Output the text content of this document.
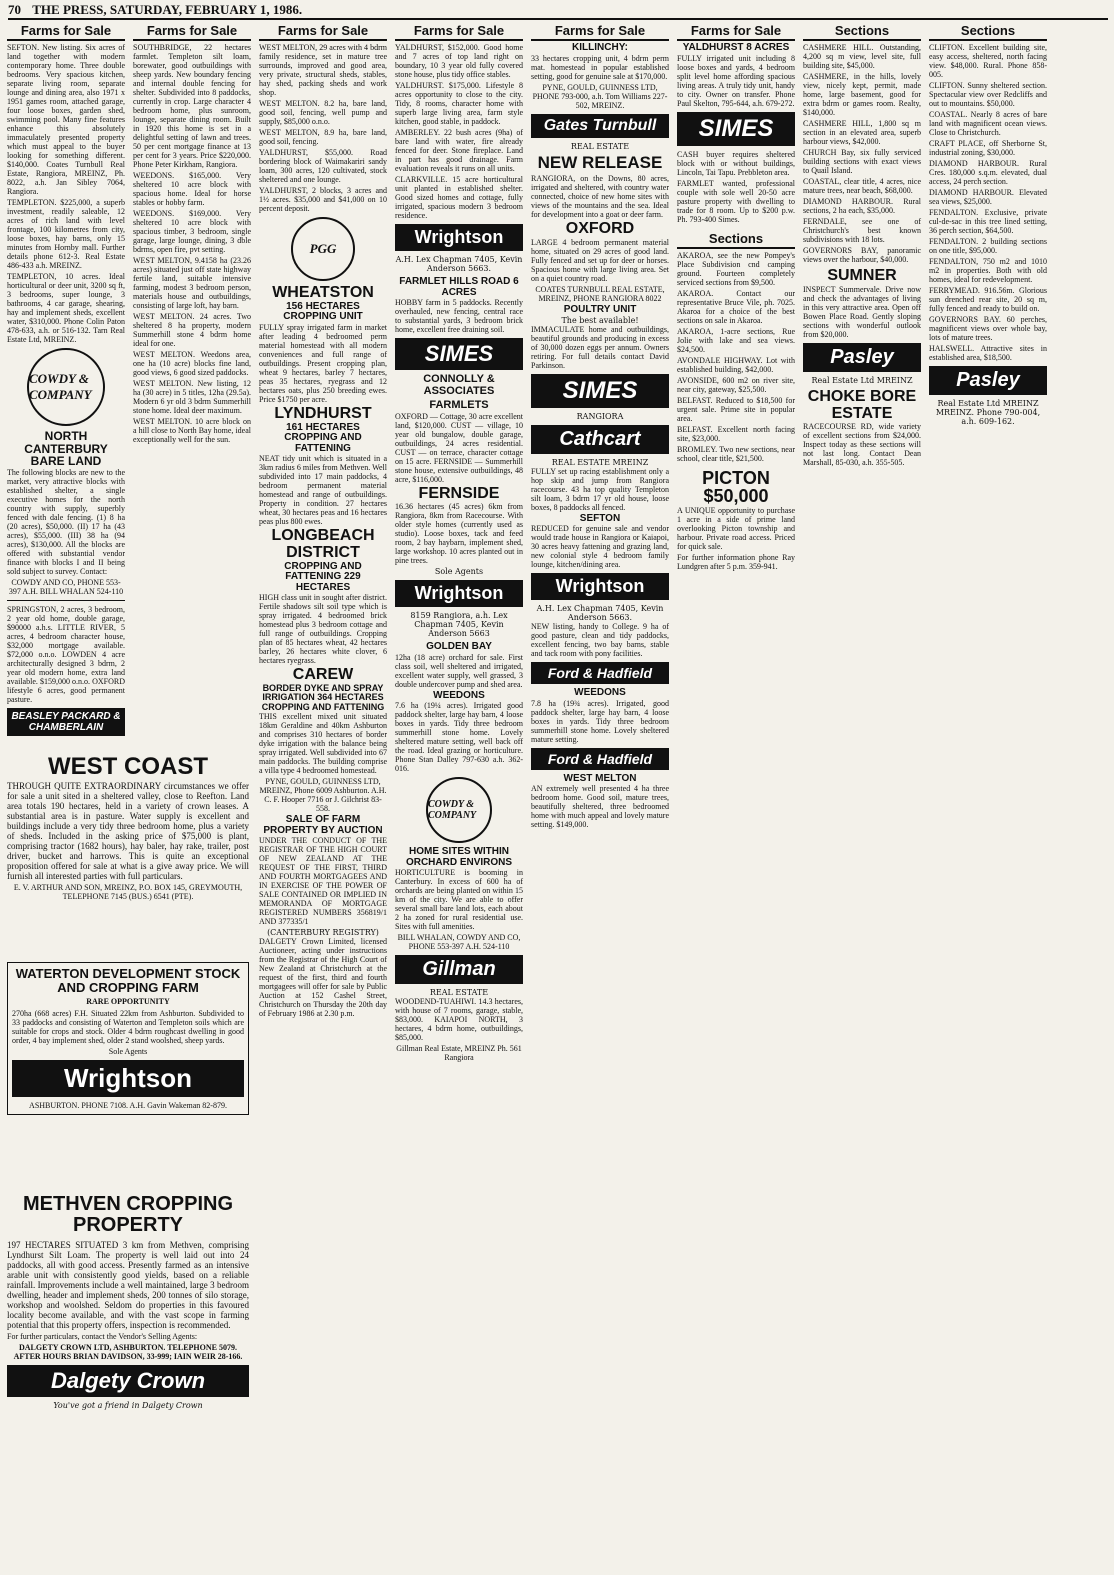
70 THE PRESS, SATURDAY, FEBRUARY 1, 1986.
Farms for Sale

SEFTON. New listing. Six acres of land together with modern contemporary home. Three double bedrooms. Very spacious kitchen, separate living room, separate lounge and dining area, also 1971 x 1951 games room, attached garage, four loose boxes, garden shed, swimming pool. Many fine features enhance this absolutely immaculately presented property which must appeal to the buyer looking for something different. $140,000. Coates Turnbull Real Estate, Rangiora, MREINZ, Ph. 8022, a.h. Jan Sibley 7064, Rangiora.

TEMPLETON. $225,000, a superb investment, readily saleable, 12 acres of rich land with level frontage, 100 kilometres from city, loose boxes, hay barns, only 15 minutes from Hornby mall. Further details phone 612-3. Real Estate 486-433 a.h. MREINZ.

TEMPLETON, 10 acres. Ideal horticultural or deer unit, 3200 sq ft, 3 bedrooms, super lounge, 3 bathrooms, 4 car garage, shearing, hay and implement sheds, excellent water, $310,000. Phone Colin Paton 478-633, a.h. or 516-132. Tarn Real Estate Ltd, MREINZ.

COWDY & COMPANY
NORTH CANTERBURY BARE LAND

The following blocks are new to the market, very attractive blocks with established shelter, a single executive homes for the north country with supply, superbly fenced with dale fencing. (1) 8 ha (20 acres), $50,000. (II) 17 ha (43 acres), $55,000. (III) 38 ha (94 acres), $130,000. All the blocks are offered with substantial vendor finance with blocks I and II being sold subject to survey. Contact:

COWDY AND CO, PHONE 553-397 A.H. BILL WHALAN 524-110

SPRINGSTON, 2 acres, 3 bedroom, 2 year old home, double garage, $90000 a.h.s. LITTLE RIVER, 5 acres, 4 bedroom character house, $32,000 mortgage available. $72,000 o.n.o. LOWDEN 4 acre architecturally designed 3 bdrm, 2 year old modern home, extra land available. $159,000 o.n.o. OXFORD lifestyle 6 acres, good permanent pasture.

BEASLEY PACKARD & CHAMBERLAIN
WEST COAST

THROUGH QUITE EXTRAORDINARY circumstances we offer for sale a unit sited in a sheltered valley, close to Reefton. Land area totals 190 hectares, held in a variety of crown leases. A substantial area is in pasture. Water supply is excellent and buildings include a very tidy three bedroom home, plus a variety of sheds. Included in the asking price of $75,000 is plant, comprising tractor (1682 hours), hay baler, hay rake, trailer, post driver, bucket and harrows. This is quite an exceptional proposition offered for sale at what is a give away price. We will furnish all interested parties with full particulars.

E. V. ARTHUR AND SON, MREINZ, P.O. BOX 145, GREYMOUTH, TELEPHONE 7145 (BUS.) 6541 (PTE).

WATERTON DEVELOPMENT STOCK AND CROPPING FARM
RARE OPPORTUNITY

270ha (668 acres) F.H. Situated 22km from Ashburton. Subdivided to 33 paddocks and consisting of Waterton and Templeton soils which are suitable for crops and stock. Older 4 bdrm roughcast dwelling in good order, 4 bay implement shed, older 2 stand woolshed, sheep yards.

Sole Agents
Wrightson
ASHBURTON. PHONE 7108. A.H. Gavin Wakeman 82-879.
METHVEN CROPPING PROPERTY

197 HECTARES SITUATED 3 km from Methven, comprising Lyndhurst Silt Loam. The property is well laid out into 24 paddocks, all with good access. Presently farmed as an intensive arable unit with consistently good yields, based on a reliable rainfall. Improvements include a well maintained, large 3 bedroom dwelling, header and implement sheds, 200 tonnes of silo storage, workshop and woolshed. Seldom do properties in this favoured locality become available, and with the vast scope in farming potential that this property offers, inspection is recommended.

For further particulars, contact the Vendor's Selling Agents:

DALGETY CROWN LTD, ASHBURTON. TELEPHONE 5079. AFTER HOURS BRIAN DAVIDSON, 33-999; IAIN WEIR 28-166.

Dalgety Crown
You've got a friend in Dalgety Crown
Farms for Sale

SOUTHBRIDGE, 22 hectares farmlet. Templeton silt loam, borewater, good outbuildings with sheep yards. New boundary fencing and internal double fencing for shelter. Subdivided into 8 paddocks, currently in crop. Large character 4 bedroom home, plus sunroom, lounge, separate dining room. Built in 1920 this home is set in a delightful setting of lawn and trees. 50 per cent mortgage finance at 13 per cent for 3 years. Price $220,000. Phone Peter Kirkham, Rangiora.

WEEDONS. $165,000. Very sheltered 10 acre block with spacious home. Ideal for horse stables or hobby farm.

WEEDONS. $169,000. Very sheltered 10 acre block with spacious timber, 3 bedroom, single garage, large lounge, dining, 3 dble bdrms, open fire, pvt setting.

WEST MELTON, 9.4158 ha (23.26 acres) situated just off state highway fertile land, suitable intensive farming, modest 3 bedroom person, materials house and outbuildings, consisting of large loft, hay barn.

WEST MELTON. 24 acres. Two sheltered 8 ha property, modern Summerhill stone 4 bdrm home ideal for one.

WEST MELTON. Weedons area, one ha (10 acre) blocks fine land, good views, 6 good sized paddocks.

WEST MELTON. New listing, 12 ha (30 acre) in 5 titles, 12ha (29.5a). Modern 6 yr old 3 bdrm Summerhill stone home. Ideal deer maximum.

WEST MELTON. 10 acre block on a hill close to North Bay home, ideal exceptionally well for the sun.

Farms for Sale

WEST MELTON, 29 acres with 4 bdrm family residence, set in mature tree surrounds, improved and good area, very private, structural sheds, stables, hay shed, packing sheds and work shop.

WEST MELTON. 8.2 ha, bare land, good soil, fencing, well pump and supply, $85,000 o.n.o.

WEST MELTON, 8.9 ha, bare land, good soil, fencing.

YALDHURST, $55,000. Road bordering block of Waimakariri sandy loam, 300 acres, 120 cultivated, stock sheltered and one lounge.

YALDHURST, 2 blocks, 3 acres and 1½ acres. $35,000 and $41,000 on 10 percent deposit.

PGG
WHEATSTON
156 HECTARES CROPPING UNIT

FULLY spray irrigated farm in market after leading 4 bedroomed perm material homestead with all modern conveniences and full range of outbuildings. Present cropping plan, wheat 9 hectares, barley 7 hectares, peas 35 hectares, ryegrass and 12 hectares oats, plus 250 breeding ewes. Price $1750 per acre.

LYNDHURST
161 HECTARES CROPPING AND FATTENING

NEAT tidy unit which is situated in a 3km radius 6 miles from Methven. Well subdivided into 17 main paddocks, 4 bedroom permanent material homestead and range of outbuildings. Property in condition. 27 hectares wheat, 30 hectares peas and 16 hectares peas plus 800 ewes.

LONGBEACH DISTRICT
CROPPING AND FATTENING 229 HECTARES

HIGH class unit in sought after district. Fertile shadows silt soil type which is spray irrigated. 4 bedroomed brick homestead plus 3 bedroom cottage and full range of outbuildings. Cropping plan of 85 hectares wheat, 42 hectares barley, 26 hectares white clover, 6 hectares ryegrass.

CAREW
BORDER DYKE AND SPRAY IRRIGATION 364 HECTARES CROPPING AND FATTENING

THIS excellent mixed unit situated 18km Geraldine and 40km Ashburton and comprises 310 hectares of border dyke irrigation with the balance being spray irrigated. Well subdivided into 67 main paddocks. The building comprise a villa type 4 bedroomed homestead.

PYNE, GOULD, GUINNESS LTD, MREINZ, Phone 6009 Ashburton. A.H. C. F. Hooper 7716 or J. Gilchrist 83-558.

SALE OF FARM PROPERTY BY AUCTION

UNDER THE CONDUCT OF THE REGISTRAR OF THE HIGH COURT OF NEW ZEALAND AT THE REQUEST OF THE FIRST, THIRD AND FOURTH MORTGAGEES AND IN EXERCISE OF THE POWER OF SALE CONTAINED OR IMPLIED IN MEMORANDA OF MORTGAGE REGISTERED NUMBERS 356819/1 AND 377335/1

(CANTERBURY REGISTRY)

DALGETY Crown Limited, licensed Auctioneer, acting under instructions from the Registrar of the High Court of New Zealand at Christchurch at the request of the first, third and fourth mortgagees will offer for sale by Public Auction at 152 Cashel Street, Christchurch on Thursday the 20th day of February 1986 at 2.30 p.m.

Farms for Sale

YALDHURST, $152,000. Good home and 7 acres of top land right on boundary, 10 3 year old fully covered stone house, plus tidy office stables.

YALDHURST. $175,000. Lifestyle 8 acres opportunity to close to the city. Tidy, 8 rooms, character home with superb large living area, farm style kitchen, good stable, in paddock.

AMBERLEY. 22 bush acres (9ha) of bare land with water, fire already fenced for deer. Stone fireplace. Land in part has good drainage. Farm evaluation reveals it runs on all units.

CLARKVILLE. 15 acre horticultural unit planted in established shelter. Good sized homes and cottage, fully irrigated, spacious modern 3 bedroom residence.

Wrightson
A.H. Lex Chapman 7405, Kevin Anderson 5663.
FARMLET HILLS ROAD 6 ACRES

HOBBY farm in 5 paddocks. Recently overhauled, new fencing, central race to substantial yards, 3 bedroom brick home, excellent free draining soil.

SIMES
CONNOLLY & ASSOCIATES
FARMLETS

OXFORD — Cottage, 30 acre excellent land, $120,000. CUST — village, 10 year old bungalow, double garage, outbuildings, 24 acres residential. CUST — on terrace, character cottage on 15 acre. FERNSIDE — Summerhill stone house, extensive outbuildings, 48 acre, $116,000.

FERNSIDE

16.36 hectares (45 acres) 6km from Rangiora, 8km from Racecourse. With older style homes (currently used as studio). Loose boxes, tack and feed room, 2 bay haybarn, implement shed, large workshop. 10 acres planted out in pine trees.

Sole Agents
Wrightson
8159 Rangiora, a.h. Lex Chapman 7405, Kevin Anderson 5663
GOLDEN BAY

12ha (18 acre) orchard for sale. First class soil, well sheltered and irrigated, excellent water supply, well grassed, 3 double undercover pump and shed area.

WEEDONS

7.6 ha (19¼ acres). Irrigated good paddock shelter, large hay barn, 4 loose boxes in yards. Tidy three bedroom summerhill stone home. Lovely sheltered mature setting, well back off the road. Ideal grazing or horticulture. Phone Stan Dalley 797-630 a.h. 362-016.

COWDY & COMPANY
HOME SITES WITHIN ORCHARD ENVIRONS

HORTICULTURE is booming in Canterbury. In excess of 600 ha of orchards are being planted on within 15 km of the city. We are able to offer several small bare land lots, each about 2 ha zoned for rural residential use. Sites with full amenities.

BILL WHALAN, COWDY AND CO, PHONE 553-397 A.H. 524-110

Gillman
REAL ESTATE

WOODEND-TUAHIWI. 14.3 hectares, with house of 7 rooms, garage, stable, $83,000. KAIAPOI NORTH, 3 hectares, 4 bdrm home, outbuildings, $85,000.

Gillman Real Estate, MREINZ Ph. 561 Rangiora

Farms for Sale
KILLINCHY:

33 hectares cropping unit, 4 bdrm perm mat. homestead in popular established setting, good for genuine sale at $170,000.

PYNE, GOULD, GUINNESS LTD, PHONE 793-000, a.h. Tom Williams 227-502, MREINZ.

Gates Turnbull
REAL ESTATE
NEW RELEASE

RANGIORA, on the Downs, 80 acres, irrigated and sheltered, with country water connected, choice of new home sites with views of the mountains and the sea. Ideal for development into a goat or deer farm.

OXFORD

LARGE 4 bedroom permanent material home, situated on 29 acres of good land. Fully fenced and set up for deer or horses. Spacious home with large living area. Set on a quiet country road.

COATES TURNBULL REAL ESTATE, MREINZ, PHONE RANGIORA 8022

POULTRY UNIT
The best available!

IMMACULATE home and outbuildings, beautiful grounds and producing in excess of 30,000 dozen eggs per annum. Owners retiring. For full details contact David Parkinson.

SIMES
RANGIORA
Cathcart
REAL ESTATE MREINZ

FULLY set up racing establishment only a hop skip and jump from Rangiora racecourse. 43 ha top quality Templeton silt loam, 3 bdrm 17 yr old house, loose boxes, 8 paddocks all fenced.

SEFTON

REDUCED for genuine sale and vendor would trade house in Rangiora or Kaiapoi, 30 acres heavy fattening and grazing land, new colonial style 4 bedroom family lounge, kitchen/dining area.

Wrightson
A.H. Lex Chapman 7405, Kevin Anderson 5663.

NEW listing, handy to College. 9 ha of good pasture, clean and tidy paddocks, excellent fencing, two bay barns, stable and tack room with pony facilities.

Ford & Hadfield
WEEDONS

7.8 ha (19¾ acres). Irrigated, good paddock shelter, large hay barn, 4 loose boxes in yards. Tidy three bedroom summerhill stone home. Lovely sheltered mature setting.

Ford & Hadfield
WEST MELTON

AN extremely well presented 4 ha three bedroom home. Good soil, mature trees, beautifully sheltered, three bedroomed home with much appeal and lovely mature setting. $149,000.

Farms for Sale
YALDHURST 8 ACRES

FULLY irrigated unit including 8 loose boxes and yards, 4 bedroom split level home affording spacious living areas. A truly tidy unit, handy to city. Owner on transfer. Phone Paul Skelton, 795-644, a.h. 679-272.

SIMES

CASH buyer requires sheltered block with or without buildings, Lincoln, Tai Tapu. Prebbleton area.

FARMLET wanted, professional couple with sole well 20-50 acre pasture property with dwelling to trade for 8 room. Up to $200 p.w. Ph. 793-400 Simes.

Sections

AKAROA, see the new Pompey's Place Subdivision cnd camping ground. Fourteen completely serviced sections from $9,500.

AKAROA. Contact our representative Bruce Vile, ph. 7025. Akaroa for a choice of the best sections on sale in Akaroa.

AKAROA, 1-acre sections, Rue Jolie with lake and sea views. $24,500.

AVONDALE HIGHWAY. Lot with established building, $42,000.

AVONSIDE, 600 m2 on river site, near city, gateway, $25,500.

BELFAST. Reduced to $18,500 for urgent sale. Prime site in popular area.

BELFAST. Excellent north facing site, $23,000.

BROMLEY. Two new sections, near school, clear title, $21,500.

PICTON
$50,000

A UNIQUE opportunity to purchase 1 acre in a side of prime land overlooking Picton township and harbour. Private road access. Priced for quick sale.

For further information phone Ray Lundgren after 5 p.m. 359-941.

Sections

CASHMERE HILL. Outstanding, 4,200 sq m view, level site, full building site, $45,000.

CASHMERE, in the hills, lovely view, nicely kept, permit, made home, large basement, good for extra bdrm or games room. Realty, $140,000.

CASHMERE HILL, 1,800 sq m section in an elevated area, superb harbour views, $42,000.

CHURCH Bay, six fully serviced building sections with exact views to Quail Island.

COASTAL, clear title, 4 acres, nice mature trees, near beach, $68,000.

DIAMOND HARBOUR. Rural sections, 2 ha each, $35,000.

FERNDALE, see one of Christchurch's best known subdivisions with 18 lots.

GOVERNORS BAY, panoramic views over the harbour, $40,000.

SUMNER

INSPECT Summervale. Drive now and check the advantages of living in this very attractive area. Open off Bowen Place Road. Gently sloping sections with wonderful outlook from $20,000.

Pasley
Real Estate Ltd MREINZ
CHOKE BORE ESTATE

RACECOURSE RD, wide variety of excellent sections from $24,000. Inspect today as these sections will not last long. Contact Dean Marshall, 85-030, a.h. 355-505.

Sections

CLIFTON. Excellent building site, easy access, sheltered, north facing view. $48,000. Rural. Phone 858-005.

CLIFTON. Sunny sheltered section. Spectacular view over Redcliffs and out to mountains. $50,000.

COASTAL. Nearly 8 acres of bare land with magnificent ocean views. Close to Christchurch.

CRAFT PLACE, off Sherborne St, industrial zoning, $30,000.

DIAMOND HARBOUR. Rural Cres. 180,000 s.q.m. elevated, dual access, 24 perch section.

DIAMOND HARBOUR. Elevated sea views, $25,000.

FENDALTON. Exclusive, private cul-de-sac in this tree lined setting, 36 perch section, $64,500.

FENDALTON. 2 building sections on one title, $95,000.

FENDALTON, 750 m2 and 1010 m2 in properties. Both with old homes, ideal for redevelopment.

FERRYMEAD. 916.56m. Glorious sun drenched rear site, 20 sq m, fully fenced and ready to build on.

GOVERNORS BAY. 60 perches, magnificent views over whole bay, lots of mature trees.

HALSWELL. Attractive sites in established area, $18,500.

Pasley
Real Estate Ltd MREINZ
MREINZ. Phone 790-004, a.h. 609-162.
